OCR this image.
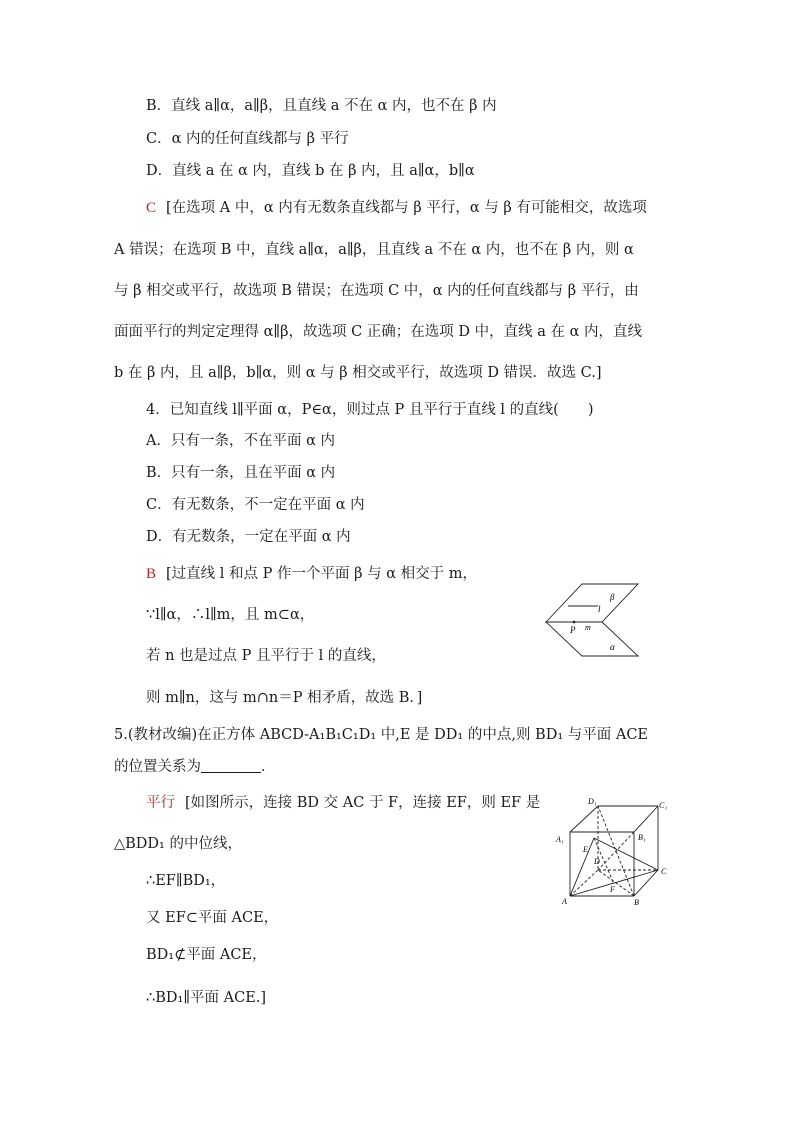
B．直线 a∥α，a∥β，且直线 a 不在 α 内，也不在 β 内
C．α 内的任何直线都与 β 平行
D．直线 a 在 α 内，直线 b 在 β 内，且 a∥α，b∥α
C [在选项 A 中，α 内有无数条直线都与 β 平行，α 与 β 有可能相交，故选项
A 错误；在选项 B 中，直线 a∥α，a∥β，且直线 a 不在 α 内，也不在 β 内，则 α
与 β 相交或平行，故选项 B 错误；在选项 C 中，α 内的任何直线都与 β 平行，由
面面平行的判定定理得 α∥β，故选项 C 正确；在选项 D 中，直线 a 在 α 内，直线
b 在 β 内，且 a∥β，b∥α，则 α 与 β 相交或平行，故选项 D 错误．故选 C.]
4．已知直线 l∥平面 α，P∈α，则过点 P 且平行于直线 l 的直线(　　)
A．只有一条，不在平面 α 内
B．只有一条，且在平面 α 内
C．有无数条，不一定在平面 α 内
D．有无数条，一定在平面 α 内
B [过直线 l 和点 P 作一个平面 β 与 α 相交于 m，
∵l∥α，∴l∥m，且 m⊂α，
若 n 也是过点 P 且平行于 l 的直线，
则 m∥n，这与 m∩n＝P 相矛盾，故选 B．]
β
l
P m
α
5.(教材改编)在正方体 ABCD-A₁B₁C₁D₁ 中,E 是 DD₁ 的中点,则 BD₁ 与平面 ACE
的位置关系为	．
平行 [如图所示，连接 BD 交 AC 于 F，连接 EF，则 EF 是
△BDD₁ 的中位线，
∴EF∥BD₁，
又 EF⊂平面 ACE，
BD₁⊄平面 ACE，
∴BD₁∥平面 ACE.]
D₁	C₁
A₁	B₁
E
D
C
F
A	B
